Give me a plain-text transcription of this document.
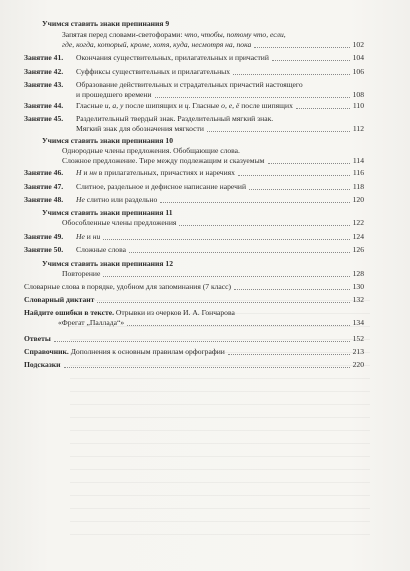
Учимся ставить знаки препинания 9
Запятая перед словами-светофорами: что, чтобы, потому что, если,
где, когда, который, кроме, хотя, куда, несмотря на, пока	102
Занятие 41. Окончания существительных, прилагательных и причастий	104
Занятие 42. Суффиксы существительных и прилагательных	106
Занятие 43. Образование действительных и страдательных причастий настоящего
и прошедшего времени	108
Занятие 44. Гласные и, а, у после шипящих и ц. Гласные о, е, ё после шипящих	110
Занятие 45. Разделительный твердый знак. Разделительный мягкий знак.
Мягкий знак для обозначения мягкости	112
Учимся ставить знаки препинания 10
Однородные члены предложения. Обобщающие слова.
Сложное предложение. Тире между подлежащим и сказуемым	114
Занятие 46. Н и нн в прилагательных, причастиях и наречиях	116
Занятие 47. Слитное, раздельное и дефисное написание наречий	118
Занятие 48. Не слитно или раздельно	120
Учимся ставить знаки препинания 11
Обособленные члены предложения	122
Занятие 49. Не и ни	124
Занятие 50. Сложные слова	126
Учимся ставить знаки препинания 12
Повторение	128
Словарные слова в порядке, удобном для запоминания (7 класс)	130
Словарный диктант	132
Найдите ошибки в тексте. Отрывки из очерков И. А. Гончарова
«Фрегат „Паллада“»	134
Ответы	152
Справочник. Дополнения к основным правилам орфографии	213
Подсказки	220
